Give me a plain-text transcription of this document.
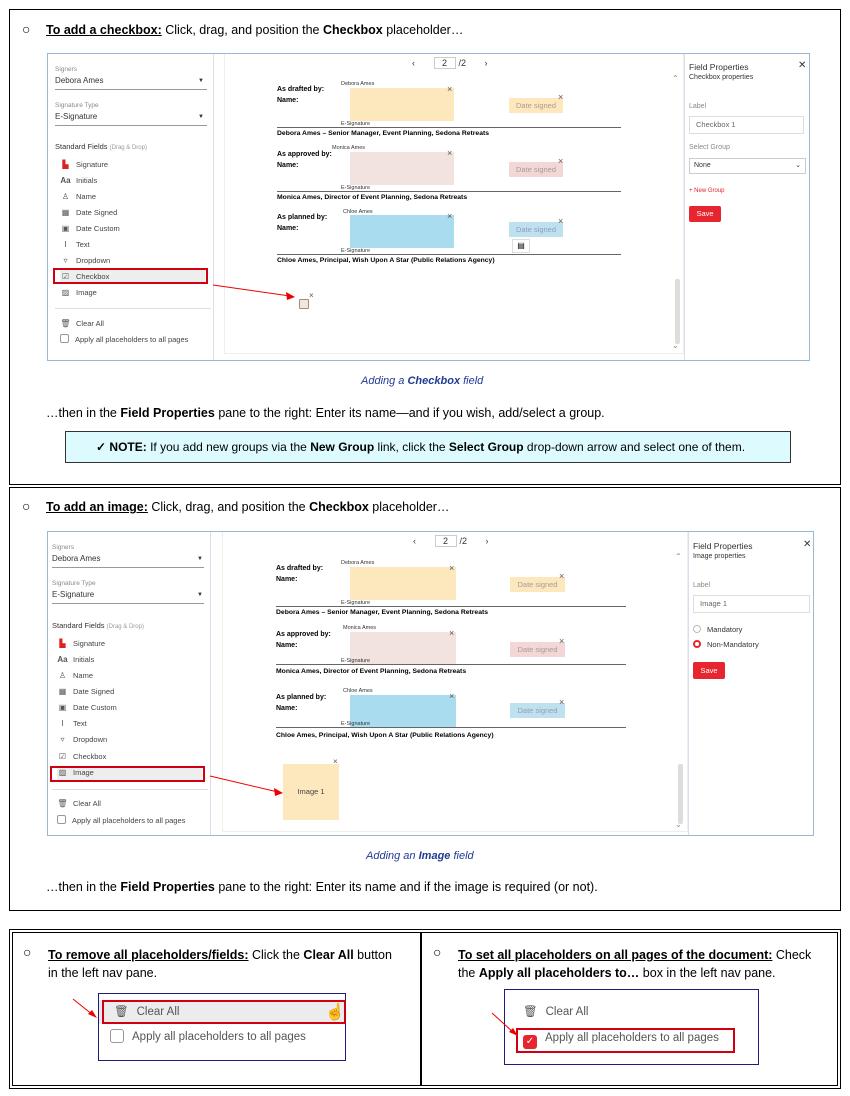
○ To add a checkbox: Click, drag, and position the Checkbox placeholder…
Signers
Debora Ames	▼
Signature Type
E-Signature	▼
Standard Fields (Drag & Drop)
▙ Signature
Aa Initials
♙ Name
▦ Date Signed
▣ Date Custom
Ι Text
▿ Dropdown
☑ Checkbox
▨ Image
🗑 Clear All
Apply all placeholders to all pages
‹	2 /2 ›
As drafted by:
Name:
Debora Ames	×
E-Signature
Date signed
×
Debora Ames – Senior Manager, Event Planning, Sedona Retreats
As approved by:
Name:
Monica Ames	×
E-Signature
Date signed
×
Monica Ames, Director of Event Planning, Sedona Retreats
As planned by:
Name:
Chloe Ames	×
E-Signature
Date signed
×
▤
Chloe Ames, Principal, Wish Upon A Star (Public Relations Agency)
×
⌃
⌄
Field Properties	✕
Checkbox properties
Label
Checkbox 1
Select Group
None	⌄
+ New Group
Save
Adding a Checkbox field
…then in the Field Properties pane to the right: Enter its name—and if you wish, add/select a group.
✓ NOTE: If you add new groups via the New Group link, click the Select Group drop-down arrow and select one of them.
○ To add an image: Click, drag, and position the Checkbox placeholder…
Signers
Debora Ames	▼
Signature Type
E-Signature	▼
Standard Fields (Drag & Drop)
▙ Signature
Aa Initials
♙ Name
▦ Date Signed
▣ Date Custom
Ι Text
▿ Dropdown
☑ Checkbox
▨ Image
🗑 Clear All
Apply all placeholders to all pages
‹	2 /2 ›
As drafted by:
Name:
Debora Ames	×
E-Signature
Date signed
×
Debora Ames – Senior Manager, Event Planning, Sedona Retreats
As approved by:
Name:
Monica Ames	×
E-Signature
Date signed
×
Monica Ames, Director of Event Planning, Sedona Retreats
As planned by:
Name:
Chloe Ames	×
E-Signature
Date signed
×
Chloe Ames, Principal, Wish Upon A Star (Public Relations Agency)
Image 1
×
⌃
⌄
Field Properties	✕
Image properties
Label
Image 1
Mandatory
Non-Mandatory
Save
Adding an Image field
…then in the Field Properties pane to the right: Enter its name and if the image is required (or not).
○ To remove all placeholders/fields: Click the Clear All button
in the left nav pane.
🗑 Clear All	☝
Apply all placeholders to all pages
○ To set all placeholders on all pages of the document: Check
the Apply all placeholders to… box in the left nav pane.
🗑 Clear All
✓ Apply all placeholders to all pages
